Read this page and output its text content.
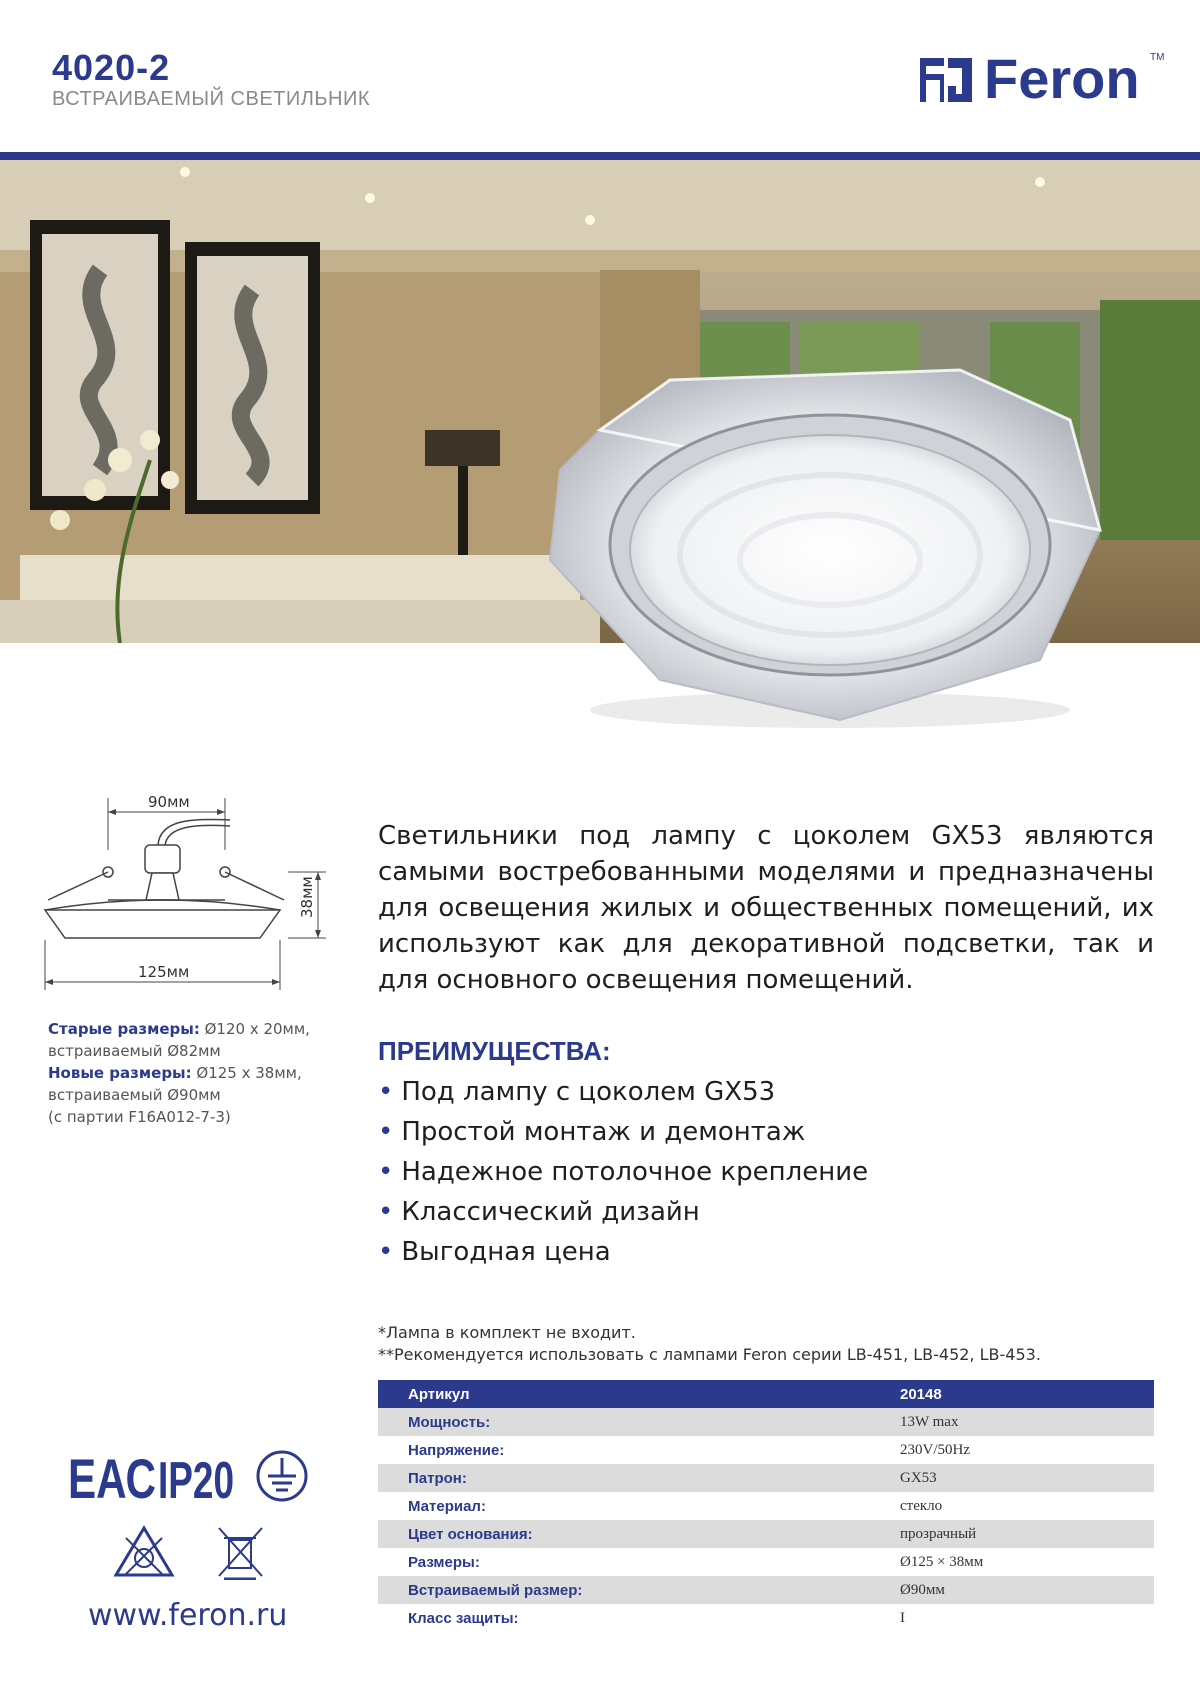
4020-2
ВСТРАИВАЕМЫЙ СВЕТИЛЬНИК	Feron TM
90мм
38мм
125мм
Старые размеры: Ø120 x 20мм,
встраиваемый Ø82мм
Новые размеры: Ø125 x 38мм,
встраиваемый Ø90мм
(с партии F16A012-7-3)
Светильники под лампу с цоколем GX53 являются самыми востребованными моделями и предназначены для освещения жилых и общественных помещений, их используют как для декоративной подсветки, так и для основного освещения помещений.
ПРЕИМУЩЕСТВА:
• Под лампу с цоколем GX53
• Простой монтаж и демонтаж
• Надежное потолочное крепление
• Классический дизайн
• Выгодная цена
*Лампа в комплект не входит.
**Рекомендуется использовать с лампами Feron серии LB-451, LB-452, LB-453.
Артикул	20148
Мощность:	13W max
Напряжение:	230V/50Hz
Патрон:	GX53
Материал:	стекло
Цвет основания:	прозрачный
Размеры:	Ø125 × 38мм
Встраиваемый размер:	Ø90мм
Класс защиты:	I
ЕАС IP20
www.feron.ru
